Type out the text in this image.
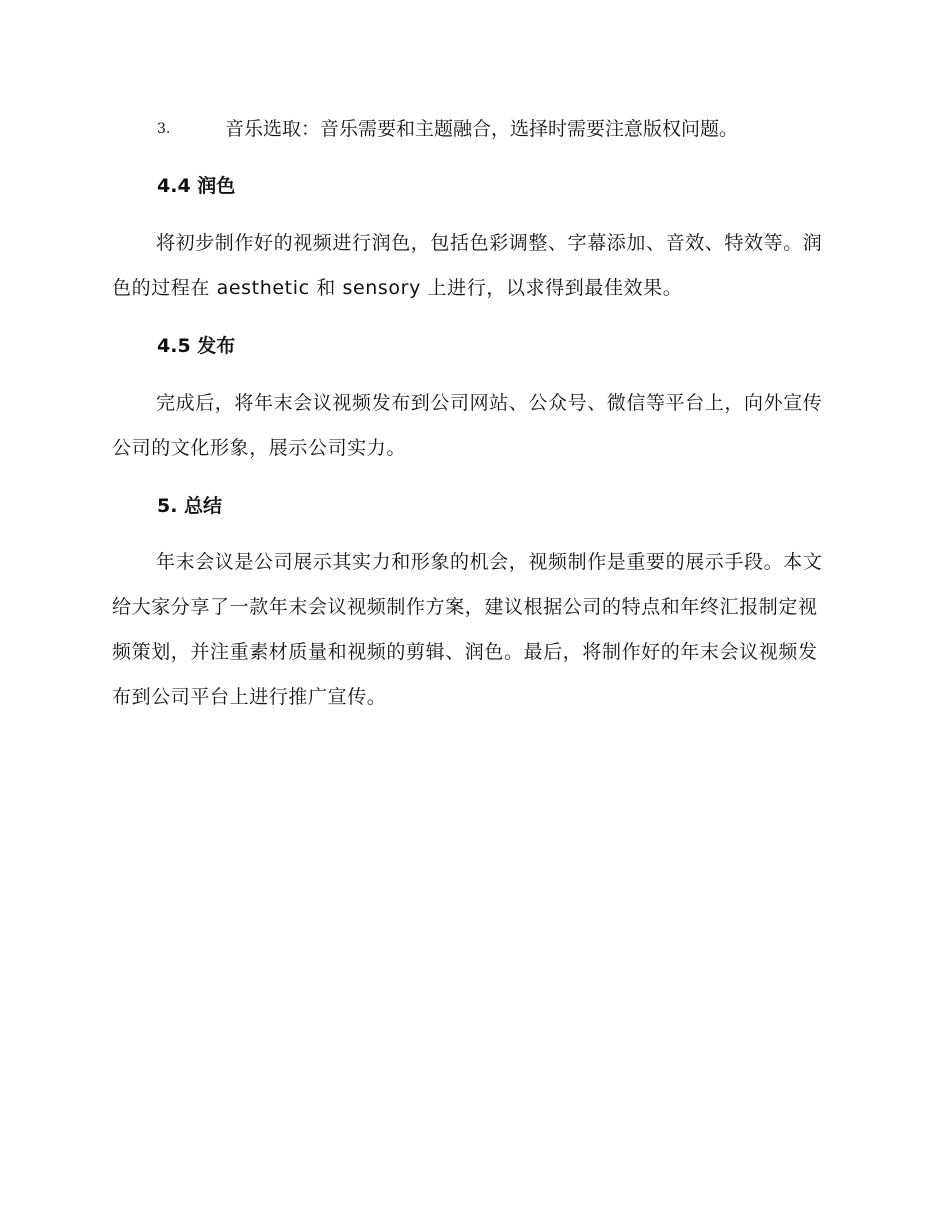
3.	音乐选取：音乐需要和主题融合，选择时需要注意版权问题。
4.4 润色

将初步制作好的视频进行润色，包括色彩调整、字幕添加、音效、特效等。润色的过程在 aesthetic 和 sensory 上进行，以求得到最佳效果。

4.5 发布

完成后，将年末会议视频发布到公司网站、公众号、微信等平台上，向外宣传公司的文化形象，展示公司实力。

5. 总结

年末会议是公司展示其实力和形象的机会，视频制作是重要的展示手段。本文给大家分享了一款年末会议视频制作方案，建议根据公司的特点和年终汇报制定视频策划，并注重素材质量和视频的剪辑、润色。最后，将制作好的年末会议视频发布到公司平台上进行推广宣传。
